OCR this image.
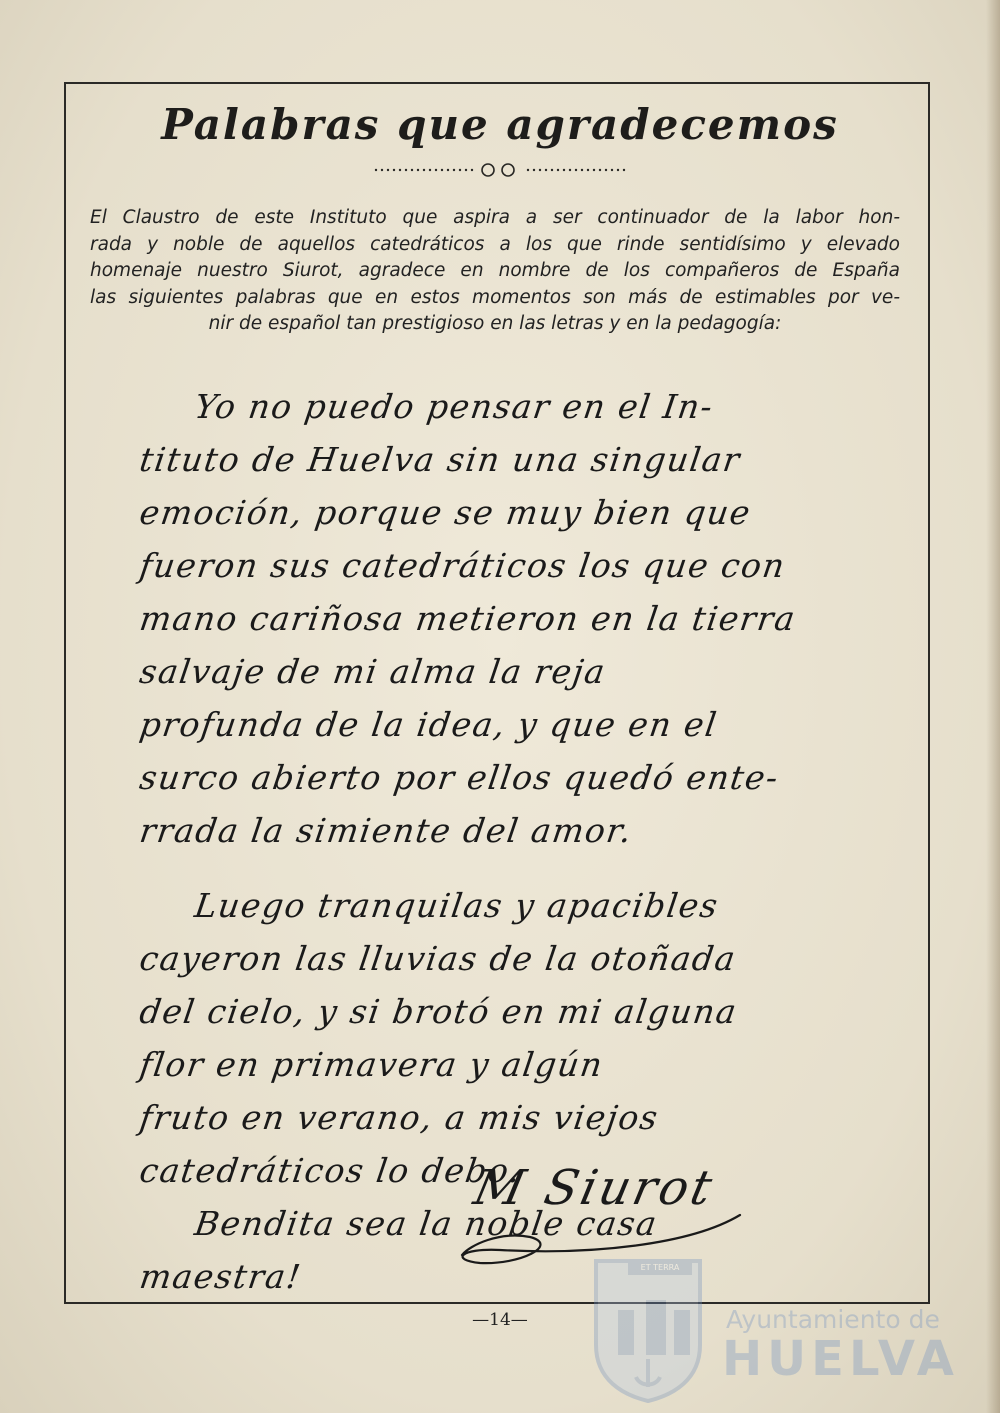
Palabras que agradecemos
El Claustro de este Instituto que aspira a ser continuador de la labor hon-
rada y noble de aquellos catedráticos a los que rinde sentidísimo y elevado
homenaje nuestro Siurot, agradece en nombre de los compañeros de España
las siguientes palabras que en estos momentos son más de estimables por ve-
nir de español tan prestigioso en las letras y en la pedagogía:
Yo no puedo pensar en el In-
tituto de Huelva sin una singular
emoción, porque se muy bien que
fueron sus catedráticos los que con
mano cariñosa metieron en la tierra
salvaje de mi alma la reja
profunda de la idea, y que en el
surco abierto por ellos quedó ente-
rrada la simiente del amor.
Luego tranquilas y apacibles
cayeron las lluvias de la otoñada
del cielo, y si brotó en mi alguna
flor en primavera y algún
fruto en verano, a mis viejos
catedráticos lo debo.
Bendita sea la noble casa
maestra!
M Siurot
—14—
ET TERRA
Ayuntamiento de
HUELVA
